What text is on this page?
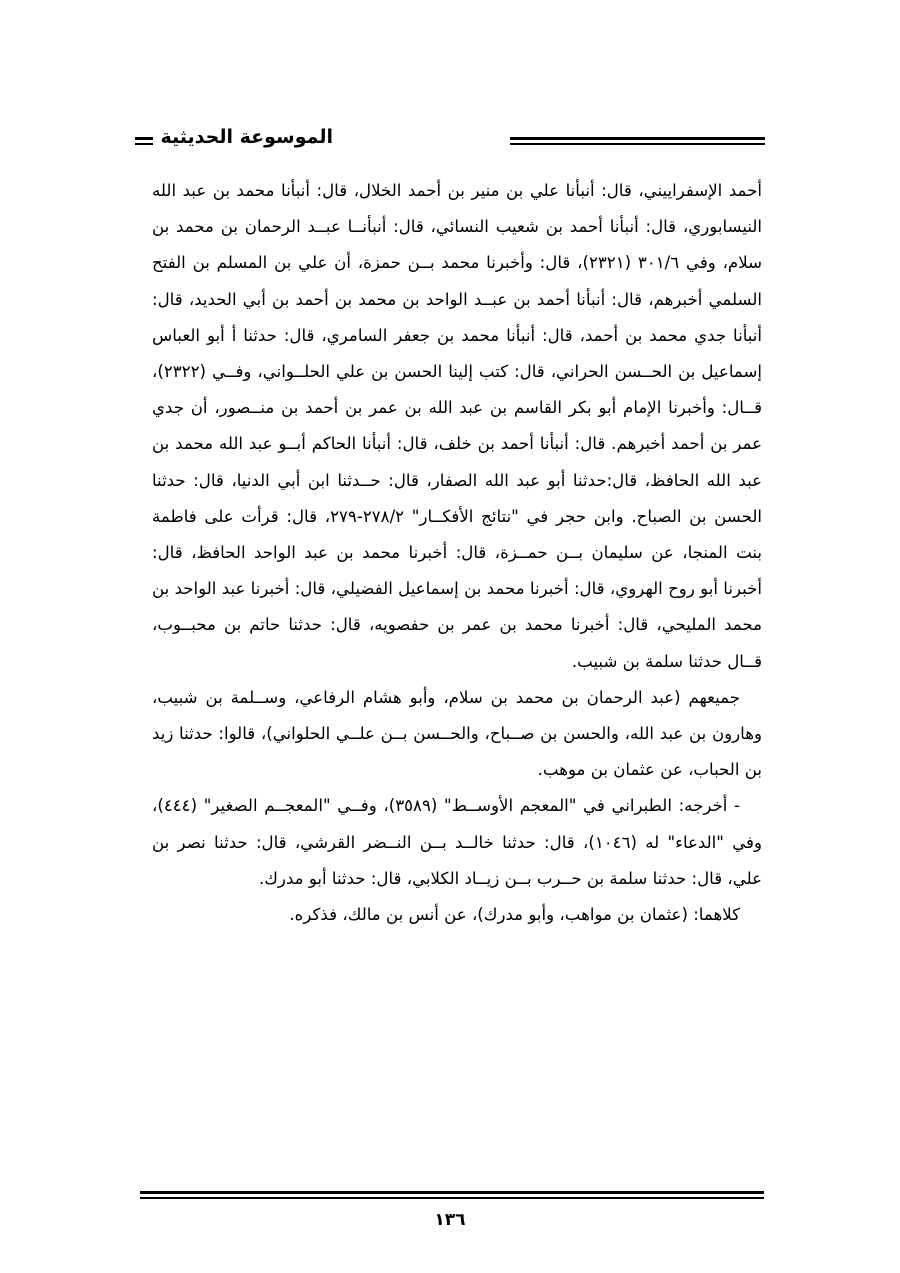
الموسوعة الحديثية

أحمد الإسفراييني، قال: أنبأنا علي بن منير بن أحمد الخلال، قال: أنبأنا محمد بن عبد الله النيسابوري، قال: أنبأنا أحمد بن شعيب النسائي، قال: أنبأنــا عبــد الرحمان بن محمد بن سلام، وفي ٣٠١/٦ (٢٣٢١)، قال: وأخبرنا محمد بــن حمزة، أن علي بن المسلم بن الفتح السلمي أخبرهم، قال: أنبأنا أحمد بن عبــد الواحد بن محمد بن أحمد بن أبي الحديد، قال: أنبأنا جدي محمد بن أحمد، قال: أنبأنا محمد بن جعفر السامري، قال: حدثنا أ أبو العباس إسماعيل بن الحــسن الحراني، قال: كتب إلينا الحسن بن علي الحلــواني، وفــي (٢٣٢٢)، قــال: وأخبرنا الإمام أبو بكر القاسم بن عبد الله بن عمر بن أحمد بن منــصور، أن جدي عمر بن أحمد أخبرهم. قال: أنبأنا أحمد بن خلف، قال: أنبأنا الحاكم أبــو عبد الله محمد بن عبد الله الحافظ، قال:حدثنا أبو عبد الله الصفار، قال: حــدثنا ابن أبي الدنيا، قال: حدثنا الحسن بن الصباح. وابن حجر في "نتائج الأفكــار" ٢٧٨/٢-٢٧٩، قال: قرأت على فاطمة بنت المنجا، عن سليمان بــن حمــزة، قال: أخبرنا محمد بن عبد الواحد الحافظ، قال: أخبرنا أبو روح الهروي، قال: أخبرنا محمد بن إسماعيل الفضيلي، قال: أخبرنا عبد الواحد بن محمد المليحي، قال: أخبرنا محمد بن عمر بن حفصويه، قال: حدثنا حاتم بن محبــوب، قــال حدثنا سلمة بن شبيب.

جميعهم (عبد الرحمان بن محمد بن سلام، وأبو هشام الرفاعي، وســلمة بن شبيب، وهارون بن عبد الله، والحسن بن صــباح، والحــسن بــن علــي الحلواني)، قالوا: حدثنا زيد بن الحباب، عن عثمان بن موهب.

- أخرجه: الطبراني في "المعجم الأوســط" (٣٥٨٩)، وفــي "المعجــم الصغير" (٤٤٤)، وفي "الدعاء" له (١٠٤٦)، قال: حدثنا خالــد بــن النــضر القرشي، قال: حدثنا نصر بن علي، قال: حدثنا سلمة بن حــرب بــن زيــاد الكلابي، قال: حدثنا أبو مدرك.

كلاهما: (عثمان بن مواهب، وأبو مدرك)، عن أنس بن مالك، فذكره.

١٣٦
